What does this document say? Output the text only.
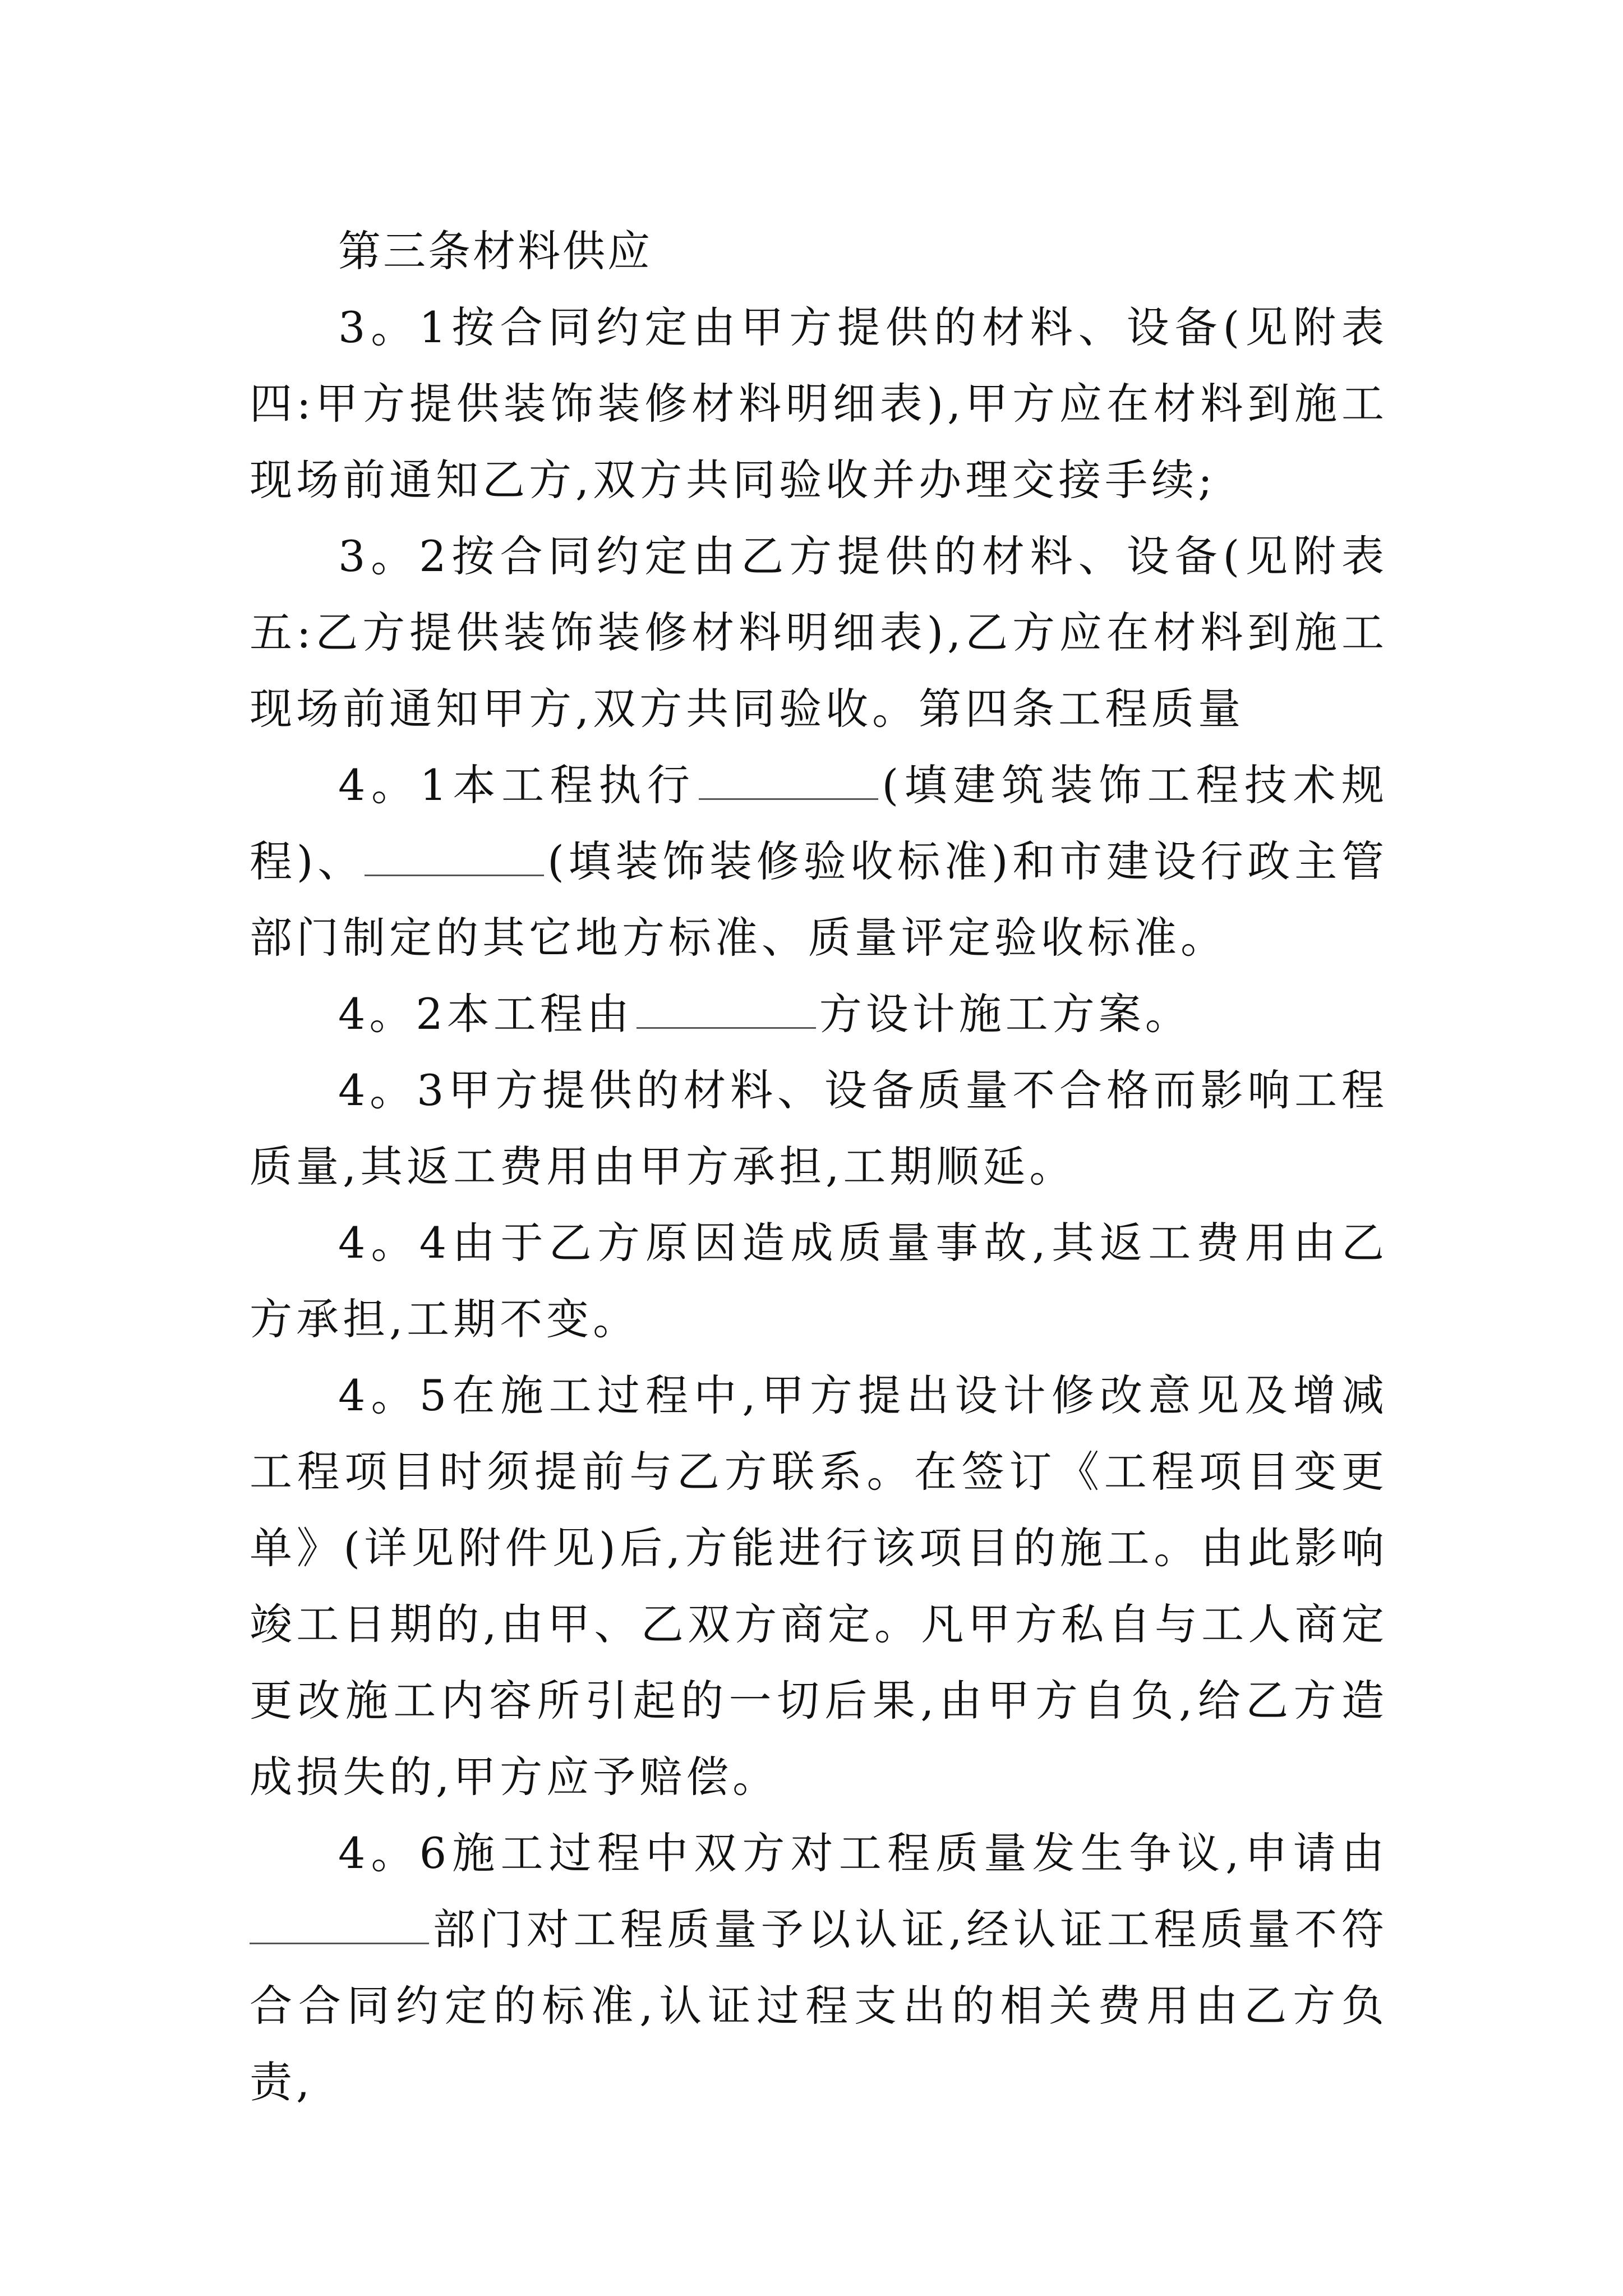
第三条材料供应

3。1按合同约定由甲方提供的材料、设备(见附表四:甲方提供装饰装修材料明细表),甲方应在材料到施工现场前通知乙方,双方共同验收并办理交接手续;

3。2按合同约定由乙方提供的材料、设备(见附表五:乙方提供装饰装修材料明细表),乙方应在材料到施工现场前通知甲方,双方共同验收。第四条工程质量

4。1本工程执行	(填建筑装饰工程技术规程)、	(填装饰装修验收标准)和市建设行政主管部门制定的其它地方标准、质量评定验收标准。

4。2本工程由	方设计施工方案。

4。3甲方提供的材料、设备质量不合格而影响工程质量,其返工费用由甲方承担,工期顺延。

4。4由于乙方原因造成质量事故,其返工费用由乙方承担,工期不变。

4。5在施工过程中,甲方提出设计修改意见及增减工程项目时须提前与乙方联系。在签订《工程项目变更单》(详见附件见)后,方能进行该项目的施工。由此影响竣工日期的,由甲、乙双方商定。凡甲方私自与工人商定更改施工内容所引起的一切后果,由甲方自负,给乙方造成损失的,甲方应予赔偿。

4。6施工过程中双方对工程质量发生争议,申请由部门对工程质量予以认证,经认证工程质量不符合合同约定的标准,认证过程支出的相关费用由乙方负责,
